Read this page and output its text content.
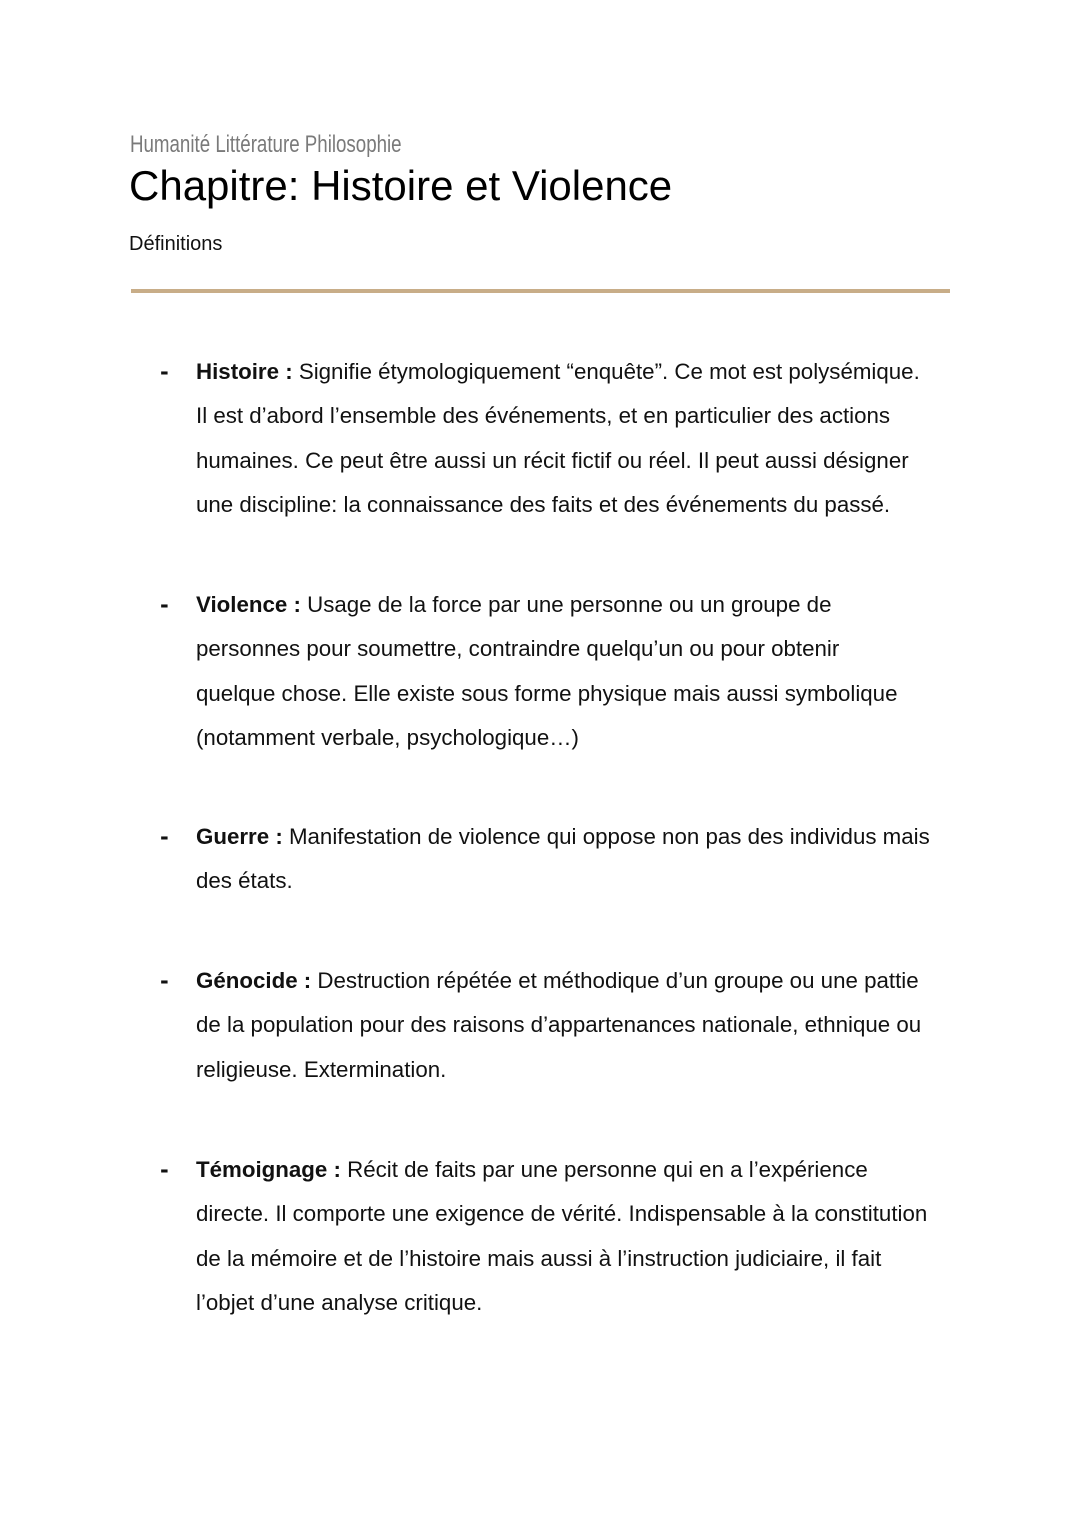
Humanité Littérature Philosophie
Chapitre: Histoire et Violence
Définitions
- Histoire : Signifie étymologiquement “enquête”. Ce mot est polysémique.
Il est d’abord l’ensemble des événements, et en particulier des actions
humaines. Ce peut être aussi un récit fictif ou réel. Il peut aussi désigner
une discipline: la connaissance des faits et des événements du passé.
- Violence : Usage de la force par une personne ou un groupe de
personnes pour soumettre, contraindre quelqu’un ou pour obtenir
quelque chose. Elle existe sous forme physique mais aussi symbolique
(notamment verbale, psychologique…)
- Guerre : Manifestation de violence qui oppose non pas des individus mais
des états.
- Génocide : Destruction répétée et méthodique d’un groupe ou une pattie
de la population pour des raisons d’appartenances nationale, ethnique ou
religieuse. Extermination.
- Témoignage : Récit de faits par une personne qui en a l’expérience
directe. Il comporte une exigence de vérité. Indispensable à la constitution
de la mémoire et de l’histoire mais aussi à l’instruction judiciaire, il fait
l’objet d’une analyse critique.
